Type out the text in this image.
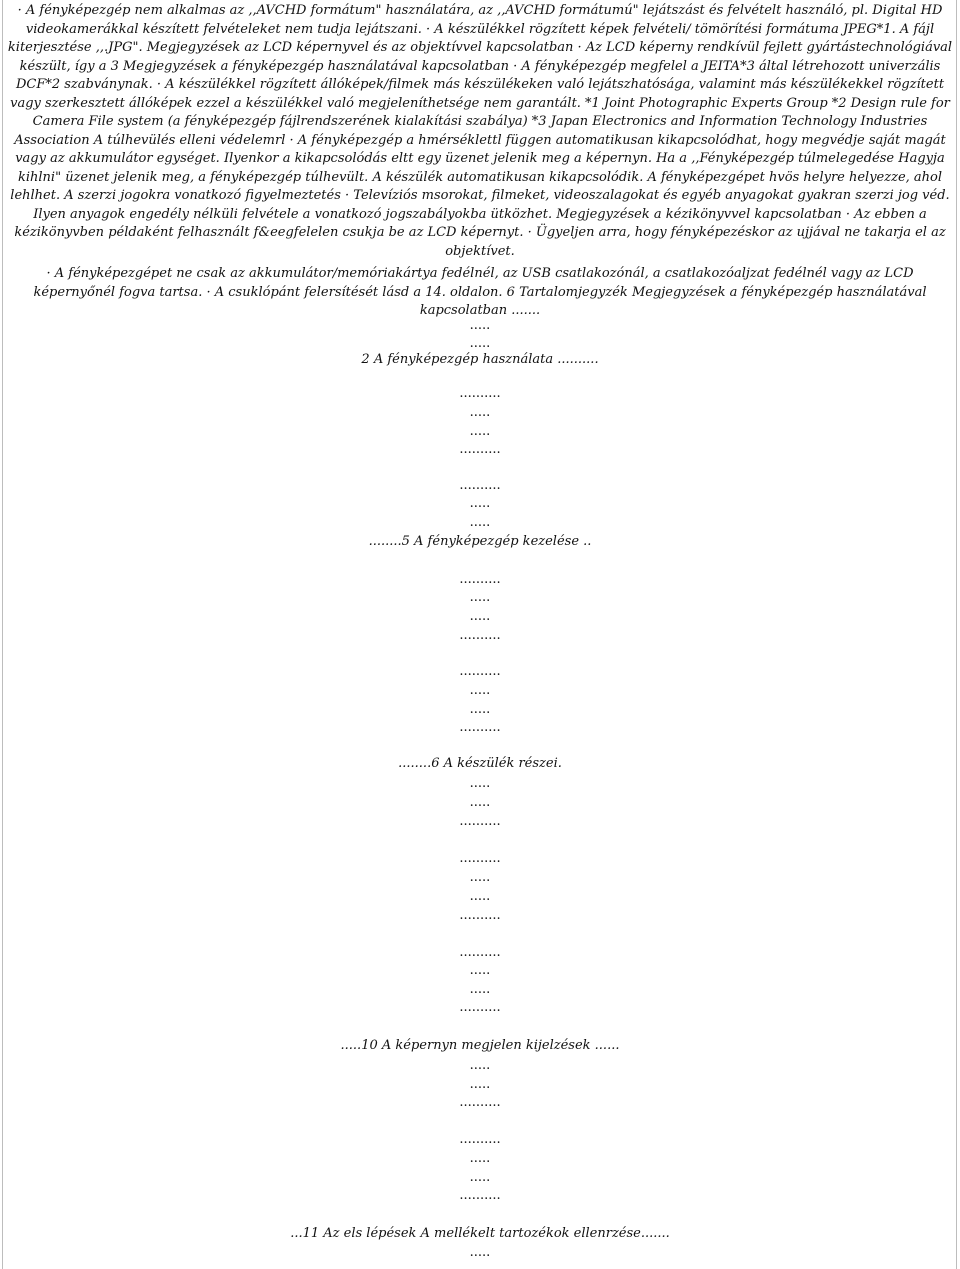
· A fényképezgép nem alkalmas az ,,AVCHD formátum" használatára, az ,,AVCHD formátumú" lejátszást és felvételt használó, pl. Digital HD videokamerákkal készített felvételeket nem tudja lejátszani. · A készülékkel rögzített képek felvételi/ tömörítési formátuma JPEG*1. A fájl kiterjesztése ,,.JPG". Megjegyzések az LCD képernyvel és az objektívvel kapcsolatban · Az LCD képerny rendkívül fejlett gyártástechnológiával készült, így a 3 Megjegyzések a fényképezgép használatával kapcsolatban · A fényképezgép megfelel a JEITA*3 által létrehozott univerzális DCF*2 szabványnak. · A készülékkel rögzített állóképek/filmek más készülékeken való lejátszhatósága, valamint más készülékekkel rögzített vagy szerkesztett állóképek ezzel a készülékkel való megjeleníthetsége nem garantált. *1 Joint Photographic Experts Group *2 Design rule for Camera File system (a fényképezgép fájlrendszerének kialakítási szabálya) *3 Japan Electronics and Information Technology Industries Association A túlhevülés elleni védelemrl · A fényképezgép a hmérséklettl függen automatikusan kikapcsolódhat, hogy megvédje saját magát vagy az akkumulátor egységet. Ilyenkor a kikapcsolódás eltt egy üzenet jelenik meg a képernyn. Ha a ,,Fényképezgép túlmelegedése Hagyja kihlni" üzenet jelenik meg, a fényképezgép túlhevült. A készülék automatikusan kikapcsolódik. A fényképezgépet hvös helyre helyezze, ahol lehlhet. A szerzi jogokra vonatkozó figyelmeztetés · Televíziós msorokat, filmeket, videoszalagokat és egyéb anyagokat gyakran szerzi jog véd. Ilyen anyagok engedély nélküli felvétele a vonatkozó jogszabályokba ütközhet. Megjegyzések a kézikönyvvel kapcsolatban · Az ebben a kézikönyvben példaként felhasznált f&eegfelelen csukja be az LCD képernyt. · Ügyeljen arra, hogy fényképezéskor az ujjával ne takarja el az objektívet.

· A fényképezgépet ne csak az akkumulátor/memóriakártya fedélnél, az USB csatlakozónál, a csatlakozóaljzat fedélnél vagy az LCD képernyőnél fogva tartsa. · A csuklópánt felersítését lásd a 14. oldalon. 6 Tartalomjegyzék Megjegyzések a fényképezgép használatával kapcsolatban .......

.....
.....
2 A fényképezgép használata ..........
..........
.....
.....
..........
..........
.....
.....
........5 A fényképezgép kezelése ..
..........
.....
.....
..........
..........
.....
.....
..........
........6 A készülék részei.
.....
.....
..........
..........
.....
.....
..........
..........
.....
.....
..........
.....10 A képernyn megjelen kijelzések ......
.....
.....
..........
..........
.....
.....
..........
...11 Az els lépések A mellékelt tartozékok ellenrzése.......
.....
